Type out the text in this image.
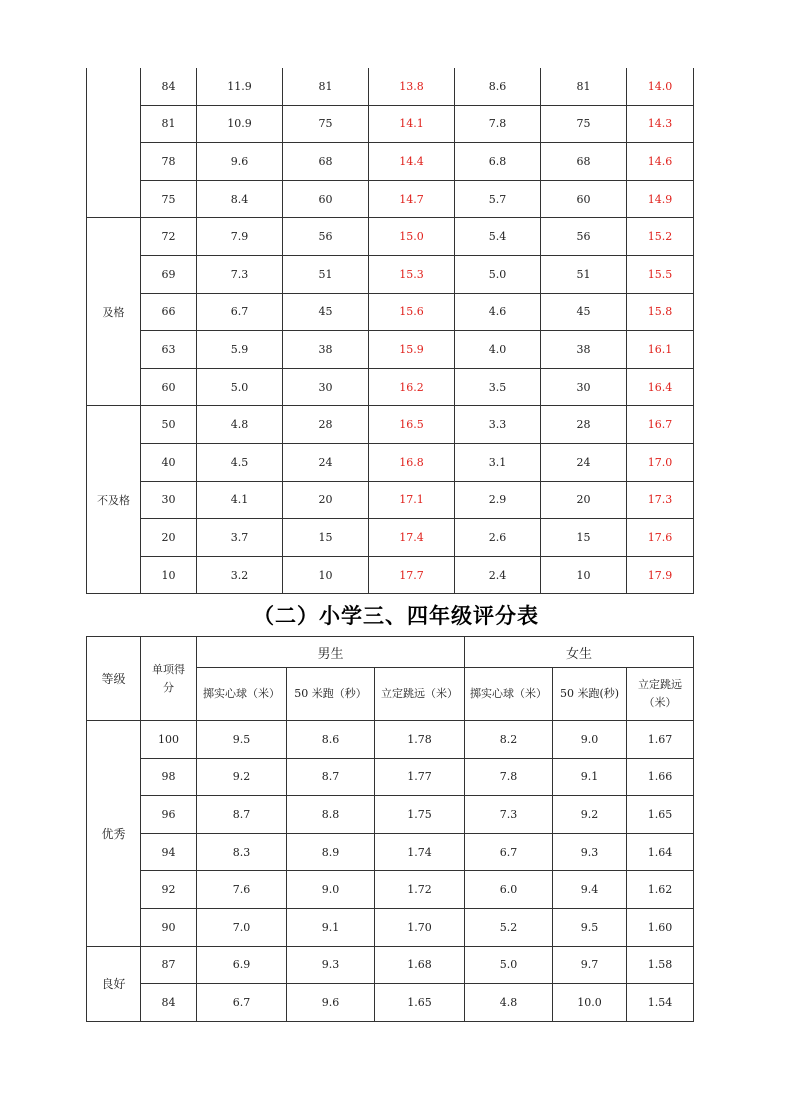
	84	11.9	81	13.8	8.6	81	14.0
	81	10.9	75	14.1	7.8	75	14.3
	78	9.6	68	14.4	6.8	68	14.6
	75	8.4	60	14.7	5.7	60	14.9
及格	72	7.9	56	15.0	5.4	56	15.2
	69	7.3	51	15.3	5.0	51	15.5
	66	6.7	45	15.6	4.6	45	15.8
	63	5.9	38	15.9	4.0	38	16.1
	60	5.0	30	16.2	3.5	30	16.4
不及格	50	4.8	28	16.5	3.3	28	16.7
	40	4.5	24	16.8	3.1	24	17.0
	30	4.1	20	17.1	2.9	20	17.3
	20	3.7	15	17.4	2.6	15	17.6
	10	3.2	10	17.7	2.4	10	17.9
（二）小学三、四年级评分表
等级	单项得分	男生			女生		
		掷实心球（米）	50 米跑（秒）	立定跳远（米）	掷实心球（米）	50 米跑(秒)	立定跳远（米）
优秀	100	9.5	8.6	1.78	8.2	9.0	1.67
	98	9.2	8.7	1.77	7.8	9.1	1.66
	96	8.7	8.8	1.75	7.3	9.2	1.65
	94	8.3	8.9	1.74	6.7	9.3	1.64
	92	7.6	9.0	1.72	6.0	9.4	1.62
	90	7.0	9.1	1.70	5.2	9.5	1.60
良好	87	6.9	9.3	1.68	5.0	9.7	1.58
	84	6.7	9.6	1.65	4.8	10.0	1.54
